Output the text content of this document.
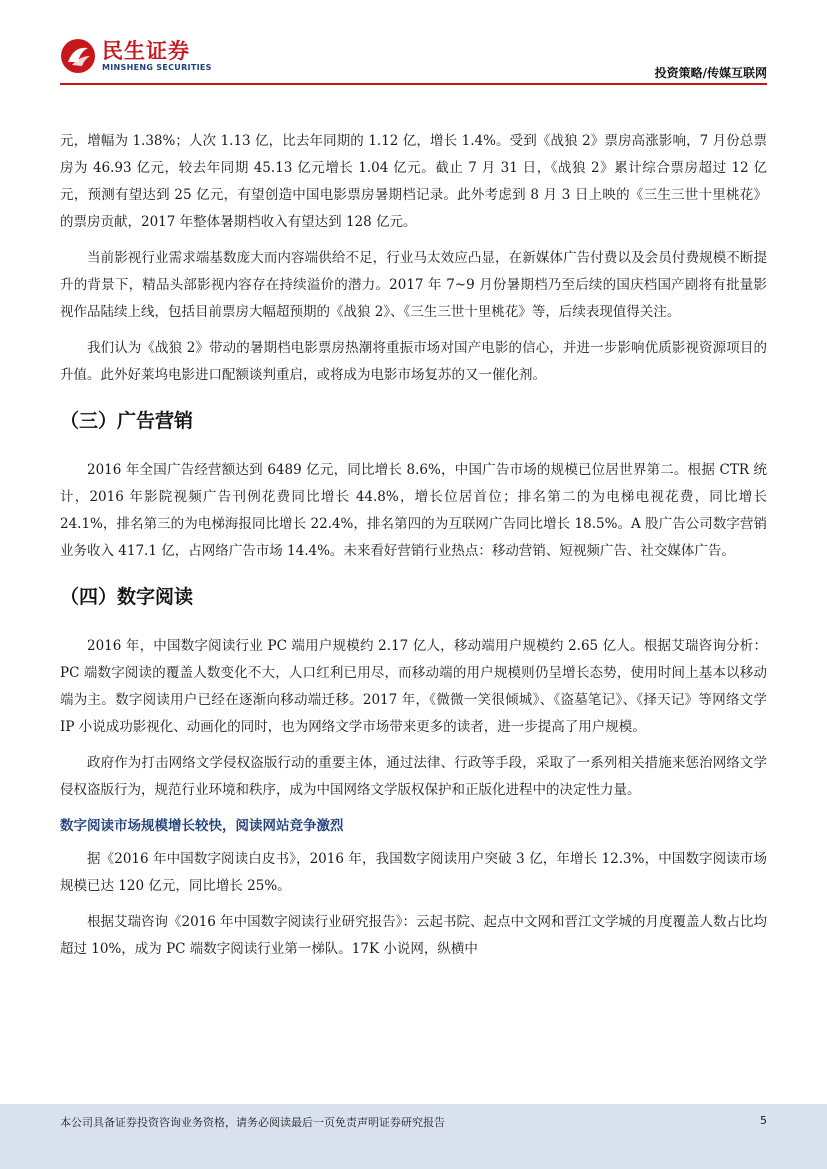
民生证券
MINSHENG SECURITIES	投资策略/传媒互联网

元，增幅为 1.38%；人次 1.13 亿，比去年同期的 1.12 亿，增长 1.4%。受到《战狼 2》票房高涨影响，7 月份总票房为 46.93 亿元，较去年同期 45.13 亿元增长 1.04 亿元。截止 7 月 31 日，《战狼 2》累计综合票房超过 12 亿元，预测有望达到 25 亿元，有望创造中国电影票房暑期档记录。此外考虑到 8 月 3 日上映的《三生三世十里桃花》的票房贡献，2017 年整体暑期档收入有望达到 128 亿元。

当前影视行业需求端基数庞大而内容端供给不足，行业马太效应凸显，在新媒体广告付费以及会员付费规模不断提升的背景下，精品头部影视内容存在持续溢价的潜力。2017 年 7~9 月份暑期档乃至后续的国庆档国产剧将有批量影视作品陆续上线，包括目前票房大幅超预期的《战狼 2》、《三生三世十里桃花》等，后续表现值得关注。

我们认为《战狼 2》带动的暑期档电影票房热潮将重振市场对国产电影的信心，并进一步影响优质影视资源项目的升值。此外好莱坞电影进口配额谈判重启，或将成为电影市场复苏的又一催化剂。

（三）广告营销

2016 年全国广告经营额达到 6489 亿元，同比增长 8.6%，中国广告市场的规模已位居世界第二。根据 CTR 统计，2016 年影院视频广告刊例花费同比增长 44.8%，增长位居首位；排名第二的为电梯电视花费，同比增长 24.1%，排名第三的为电梯海报同比增长 22.4%，排名第四的为互联网广告同比增长 18.5%。A 股广告公司数字营销业务收入 417.1 亿，占网络广告市场 14.4%。未来看好营销行业热点：移动营销、短视频广告、社交媒体广告。

（四）数字阅读

2016 年，中国数字阅读行业 PC 端用户规模约 2.17 亿人，移动端用户规模约 2.65 亿人。根据艾瑞咨询分析：PC 端数字阅读的覆盖人数变化不大，人口红利已用尽，而移动端的用户规模则仍呈增长态势，使用时间上基本以移动端为主。数字阅读用户已经在逐渐向移动端迁移。2017 年，《微微一笑很倾城》、《盗墓笔记》、《择天记》等网络文学 IP 小说成功影视化、动画化的同时，也为网络文学市场带来更多的读者，进一步提高了用户规模。

政府作为打击网络文学侵权盗版行动的重要主体，通过法律、行政等手段，采取了一系列相关措施来惩治网络文学侵权盗版行为，规范行业环境和秩序，成为中国网络文学版权保护和正版化进程中的决定性力量。

数字阅读市场规模增长较快，阅读网站竞争激烈

据《2016 年中国数字阅读白皮书》，2016 年，我国数字阅读用户突破 3 亿，年增长 12.3%，中国数字阅读市场规模已达 120 亿元，同比增长 25%。

根据艾瑞咨询《2016 年中国数字阅读行业研究报告》：云起书院、起点中文网和晋江文学城的月度覆盖人数占比均超过 10%，成为 PC 端数字阅读行业第一梯队。17K 小说网，纵横中

本公司具备证券投资咨询业务资格，请务必阅读最后一页免责声明证券研究报告	5
